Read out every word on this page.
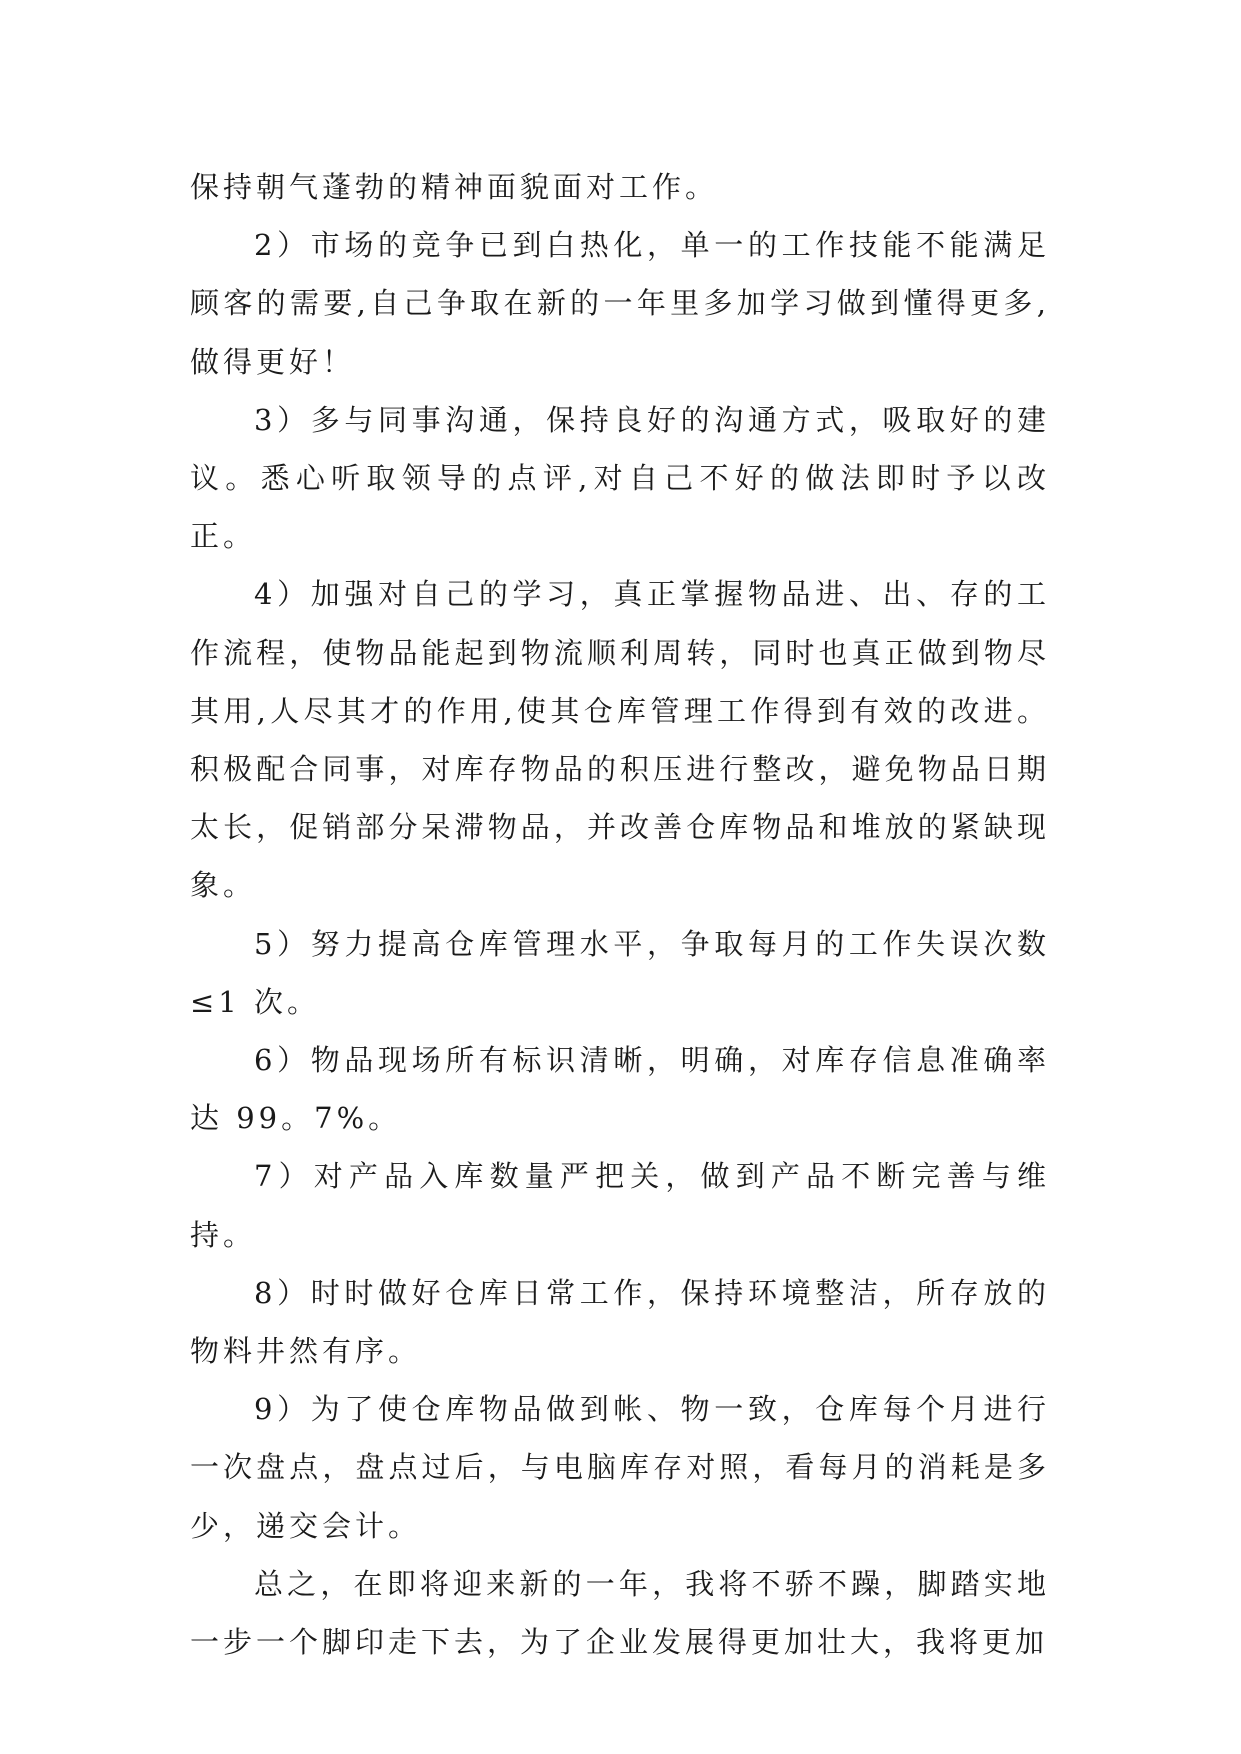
保持朝气蓬勃的精神面貌面对工作。

2）市场的竞争已到白热化，单一的工作技能不能满足顾客的需要,自己争取在新的一年里多加学习做到懂得更多,做得更好！

3）多与同事沟通，保持良好的沟通方式，吸取好的建议。悉心听取领导的点评,对自己不好的做法即时予以改正。

4）加强对自己的学习，真正掌握物品进、出、存的工作流程，使物品能起到物流顺利周转，同时也真正做到物尽其用,人尽其才的作用,使其仓库管理工作得到有效的改进。积极配合同事，对库存物品的积压进行整改，避免物品日期太长，促销部分呆滞物品，并改善仓库物品和堆放的紧缺现象。

5）努力提高仓库管理水平，争取每月的工作失误次数≤1 次。

6）物品现场所有标识清晰，明确，对库存信息准确率达 99。7%。

7）对产品入库数量严把关，做到产品不断完善与维持。

8）时时做好仓库日常工作，保持环境整洁，所存放的物料井然有序。

9）为了使仓库物品做到帐、物一致，仓库每个月进行一次盘点，盘点过后，与电脑库存对照，看每月的消耗是多少，递交会计。

总之，在即将迎来新的一年，我将不骄不躁，脚踏实地一步一个脚印走下去，为了企业发展得更加壮大，我将更加
